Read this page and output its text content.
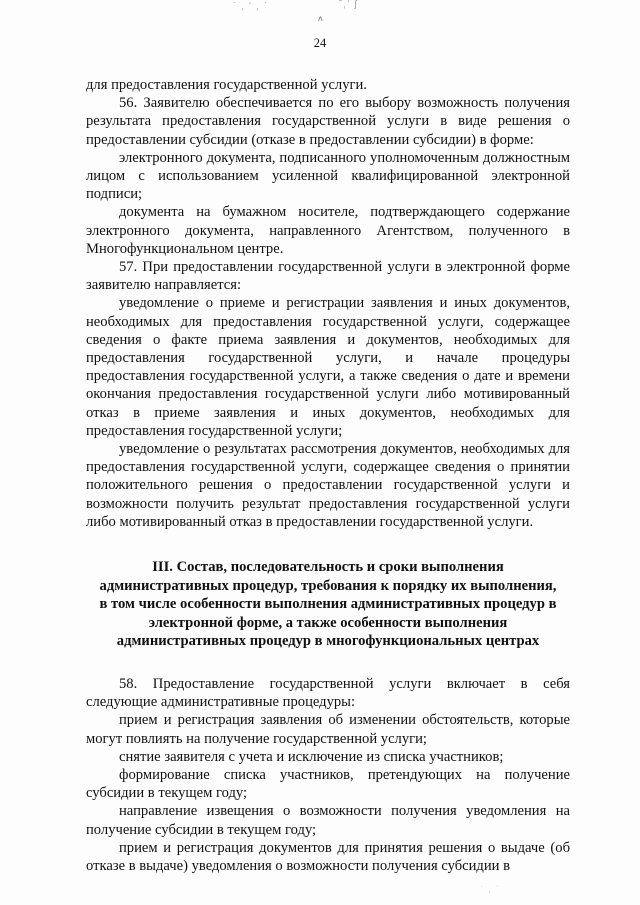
˙ ˌ ˈ ˌ ˙
ʌ
˜ˌˈ ʃ
˙ ˌ ˙
24

для предоставления государственной услуги.

56. Заявителю обеспечивается по его выбору возможность получения результата предоставления государственной услуги в виде решения о предоставлении субсидии (отказе в предоставлении субсидии) в форме:

электронного документа, подписанного уполномоченным должностным лицом с использованием усиленной квалифицированной электронной подписи;

документа на бумажном носителе, подтверждающего содержание электронного документа, направленного Агентством, полученного в Многофункциональном центре.

57. При предоставлении государственной услуги в электронной форме заявителю направляется:

уведомление о приеме и регистрации заявления и иных документов, необходимых для предоставления государственной услуги, содержащее сведения о факте приема заявления и документов, необходимых для предоставления государственной услуги, и начале процедуры предоставления государственной услуги, а также сведения о дате и времени окончания предоставления государственной услуги либо мотивированный отказ в приеме заявления и иных документов, необходимых для предоставления государственной услуги;

уведомление о результатах рассмотрения документов, необходимых для предоставления государственной услуги, содержащее сведения о принятии положительного решения о предоставлении государственной услуги и возможности получить результат предоставления государственной услуги либо мотивированный отказ в предоставлении государственной услуги.

III. Состав, последовательность и сроки выполнения
административных процедур, требования к порядку их выполнения,
в том числе особенности выполнения административных процедур в
электронной форме, а также особенности выполнения
административных процедур в многофункциональных центрах

58. Предоставление государственной услуги включает в себя следующие административные процедуры:

прием и регистрация заявления об изменении обстоятельств, которые могут повлиять на получение государственной услуги;

снятие заявителя с учета и исключение из списка участников;

формирование списка участников, претендующих на получение субсидии в текущем году;

направление извещения о возможности получения уведомления на получение субсидии в текущем году;

прием и регистрация документов для принятия решения о выдаче (об отказе в выдаче) уведомления о возможности получения субсидии в
